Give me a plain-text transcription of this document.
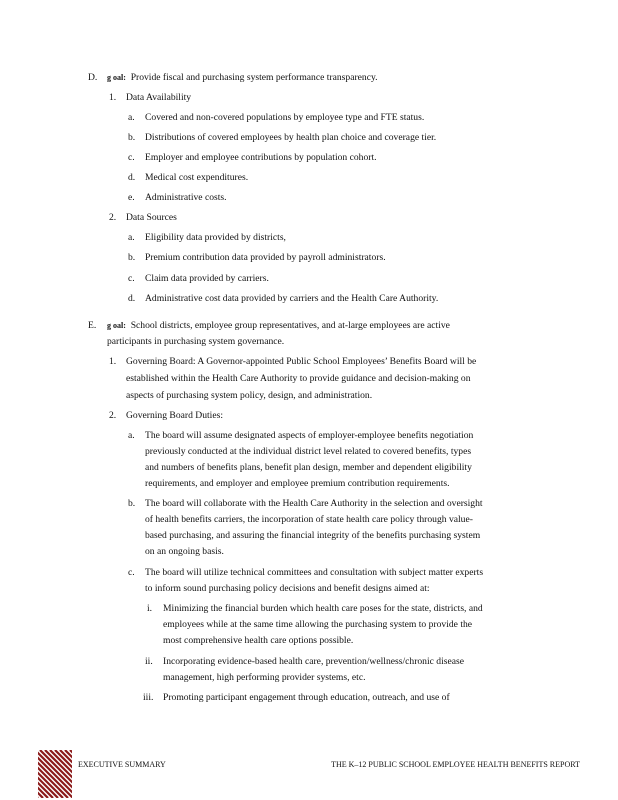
D. g oal: Provide fiscal and purchasing system performance transparency.
1. Data Availability
a. Covered and non-covered populations by employee type and FTE status.
b. Distributions of covered employees by health plan choice and coverage tier.
c. Employer and employee contributions by population cohort.
d. Medical cost expenditures.
e. Administrative costs.
2. Data Sources
a. Eligibility data provided by districts,
b. Premium contribution data provided by payroll administrators.
c. Claim data provided by carriers.
d. Administrative cost data provided by carriers and the Health Care Authority.
E. g oal: School districts, employee group representatives, and at-large employees are active
participants in purchasing system governance.
1. Governing Board: A Governor-appointed Public School Employees’ Benefits Board will be
established within the Health Care Authority to provide guidance and decision-making on
aspects of purchasing system policy, design, and administration.
2. Governing Board Duties:
a. The board will assume designated aspects of employer-employee benefits negotiation
previously conducted at the individual district level related to covered benefits, types
and numbers of benefits plans, benefit plan design, member and dependent eligibility
requirements, and employer and employee premium contribution requirements.
b. The board will collaborate with the Health Care Authority in the selection and oversight
of health benefits carriers, the incorporation of state health care policy through value-
based purchasing, and assuring the financial integrity of the benefits purchasing system
on an ongoing basis.
c. The board will utilize technical committees and consultation with subject matter experts
to inform sound purchasing policy decisions and benefit designs aimed at:
i. Minimizing the financial burden which health care poses for the state, districts, and
employees while at the same time allowing the purchasing system to provide the
most comprehensive health care options possible.
ii. Incorporating evidence-based health care, prevention/wellness/chronic disease
management, high performing provider systems, etc.
iii. Promoting participant engagement through education, outreach, and use of
EXECUTIVE SUMMARY	THE K–12 PUBLIC SCHOOL EMPLOYEE HEALTH BENEFITS REPORT
